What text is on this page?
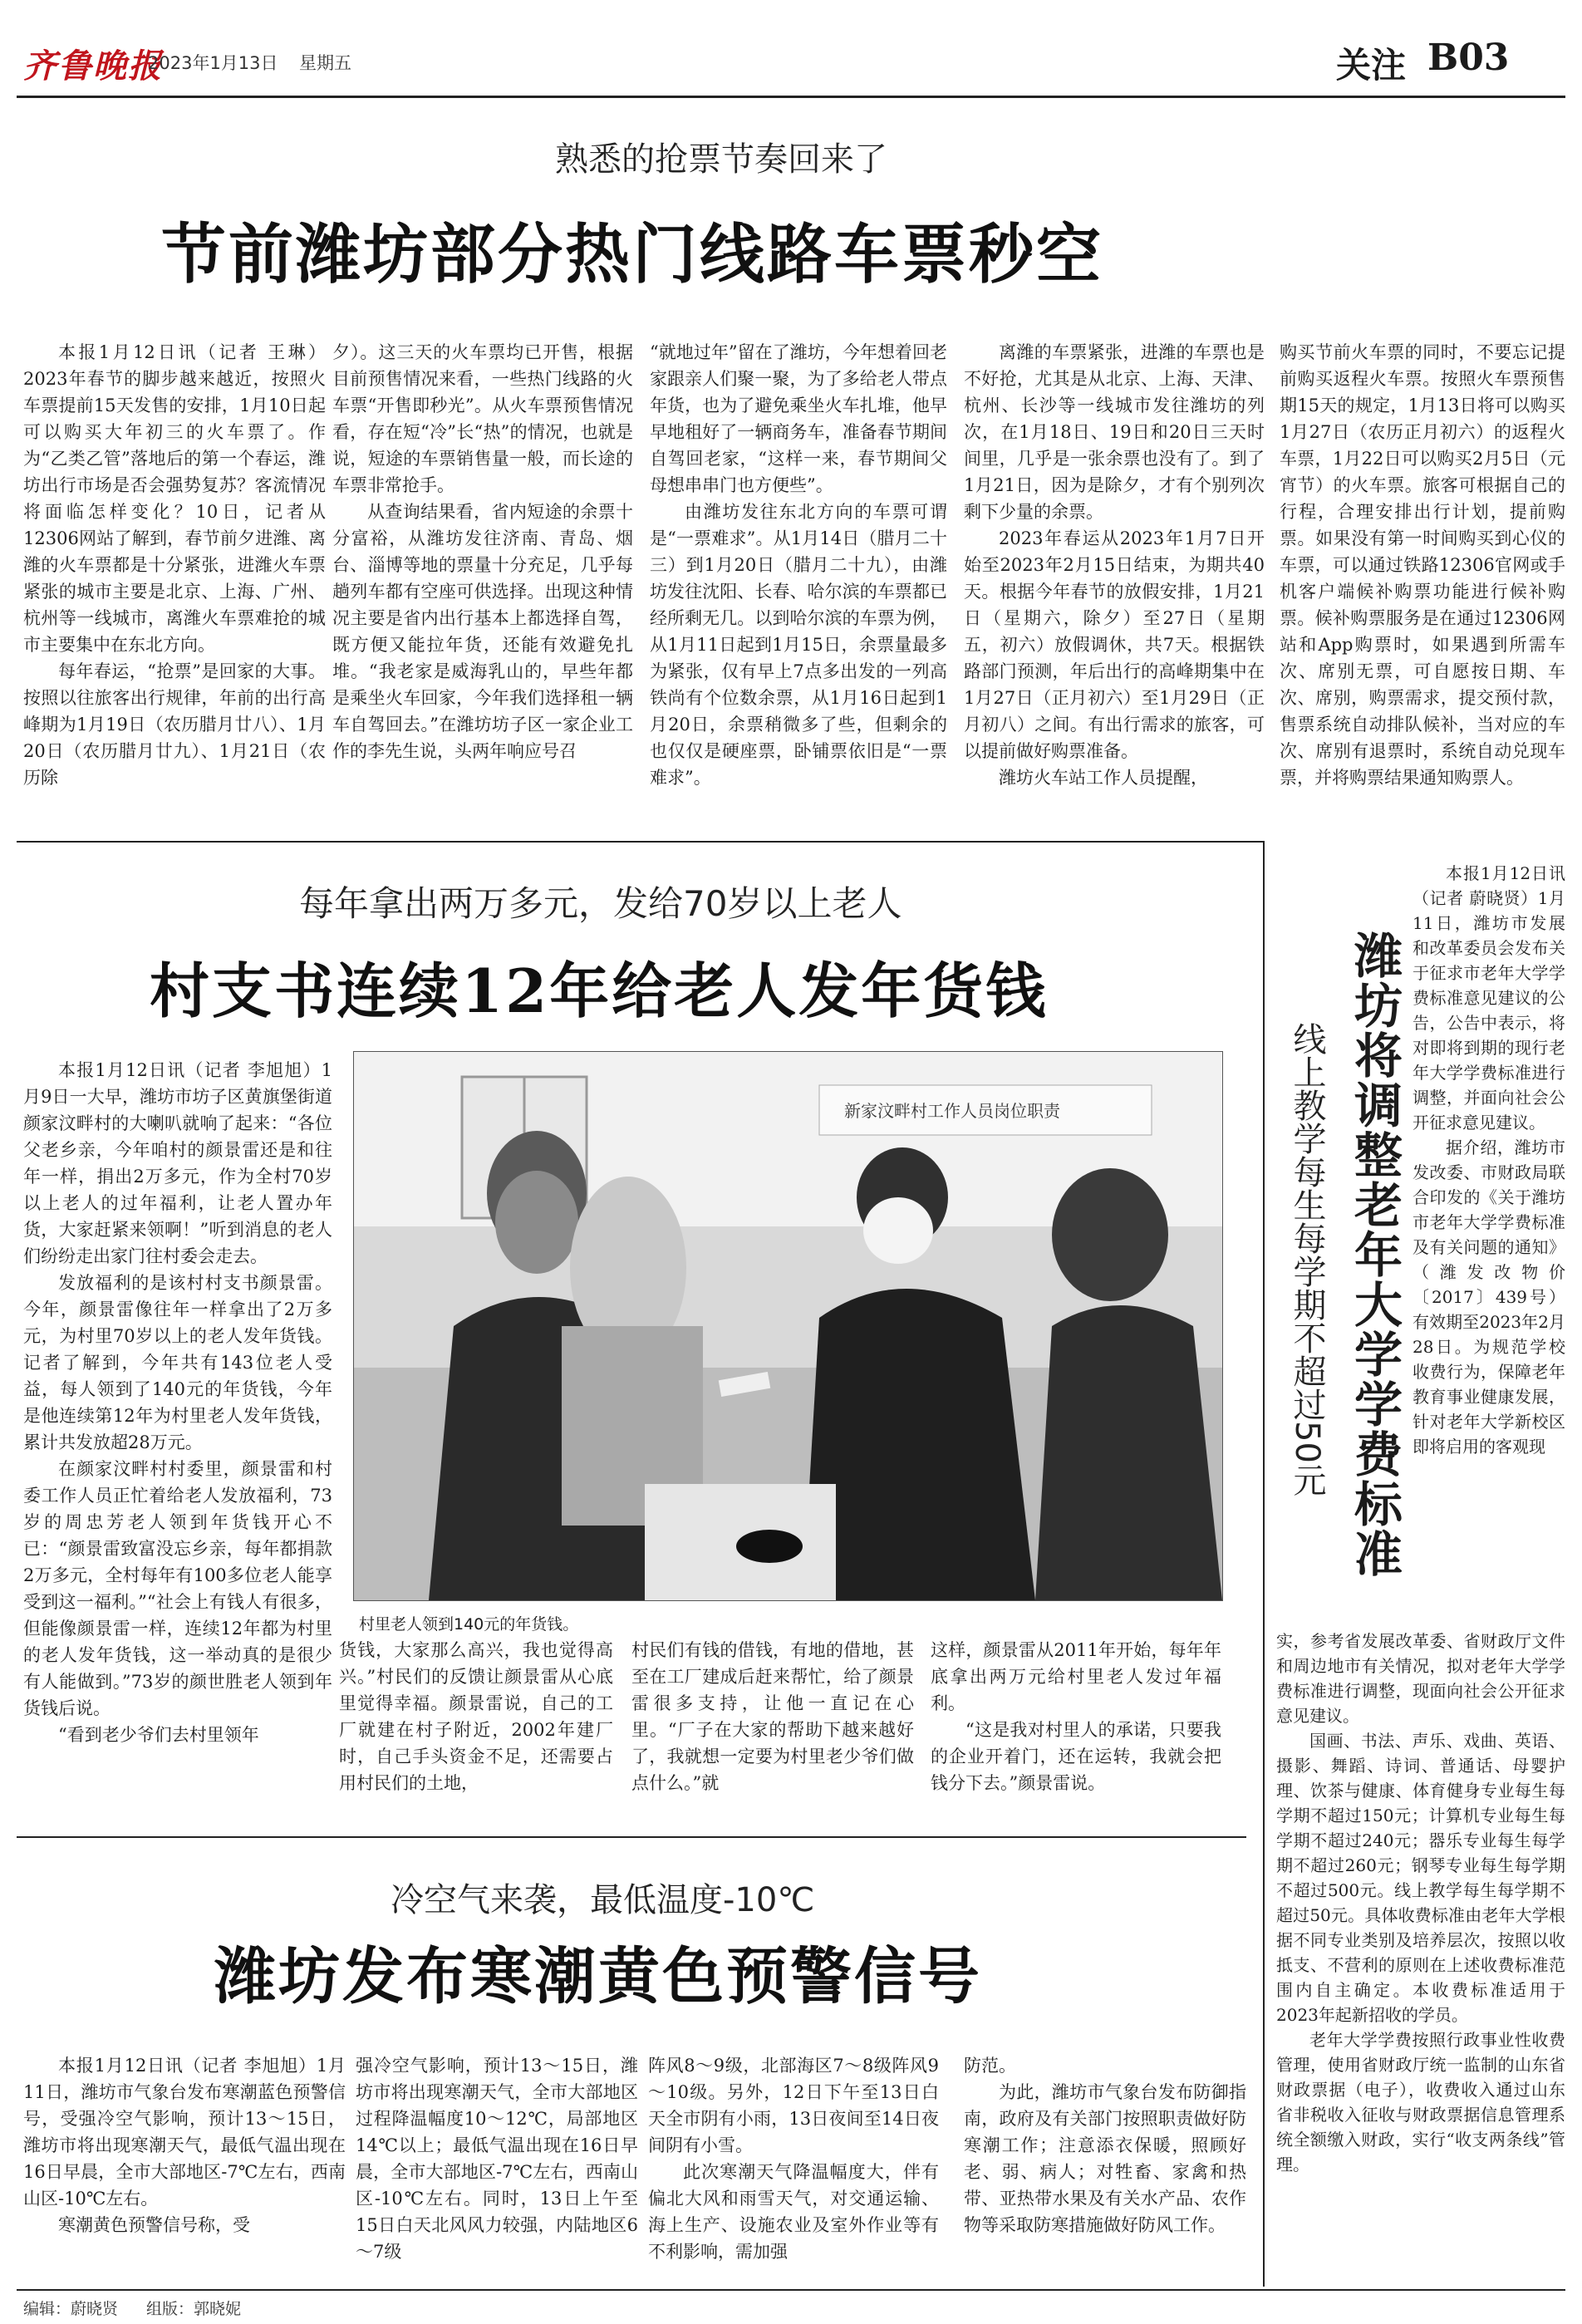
齐鲁晚报
2023年1月13日 星期五	关注 B03
熟悉的抢票节奏回来了
节前潍坊部分热门线路车票秒空

本报1月12日讯（记者 王琳）2023年春节的脚步越来越近，按照火车票提前15天发售的安排，1月10日起可以购买大年初三的火车票了。作为“乙类乙管”落地后的第一个春运，潍坊出行市场是否会强势复苏？客流情况将面临怎样变化？10日，记者从12306网站了解到，春节前夕进潍、离潍的火车票都是十分紧张，进潍火车票紧张的城市主要是北京、上海、广州、杭州等一线城市，离潍火车票难抢的城市主要集中在东北方向。

每年春运，“抢票”是回家的大事。按照以往旅客出行规律，年前的出行高峰期为1月19日（农历腊月廿八）、1月20日（农历腊月廿九）、1月21日（农历除

夕）。这三天的火车票均已开售，根据目前预售情况来看，一些热门线路的火车票“开售即秒光”。从火车票预售情况看，存在短“冷”长“热”的情况，也就是说，短途的车票销售量一般，而长途的车票非常抢手。

从查询结果看，省内短途的余票十分富裕，从潍坊发往济南、青岛、烟台、淄博等地的票量十分充足，几乎每趟列车都有空座可供选择。出现这种情况主要是省内出行基本上都选择自驾，既方便又能拉年货，还能有效避免扎堆。“我老家是威海乳山的，早些年都是乘坐火车回家，今年我们选择租一辆车自驾回去。”在潍坊坊子区一家企业工作的李先生说，头两年响应号召

“就地过年”留在了潍坊，今年想着回老家跟亲人们聚一聚，为了多给老人带点年货，也为了避免乘坐火车扎堆，他早早地租好了一辆商务车，准备春节期间自驾回老家，“这样一来，春节期间父母想串串门也方便些”。

由潍坊发往东北方向的车票可谓是“一票难求”。从1月14日（腊月二十三）到1月20日（腊月二十九），由潍坊发往沈阳、长春、哈尔滨的车票都已经所剩无几。以到哈尔滨的车票为例，从1月11日起到1月15日，余票量最多为紧张，仅有早上7点多出发的一列高铁尚有个位数余票，从1月16日起到1月20日，余票稍微多了些，但剩余的也仅仅是硬座票，卧铺票依旧是“一票难求”。

离潍的车票紧张，进潍的车票也是不好抢，尤其是从北京、上海、天津、杭州、长沙等一线城市发往潍坊的列次，在1月18日、19日和20日三天时间里，几乎是一张余票也没有了。到了1月21日，因为是除夕，才有个别列次剩下少量的余票。

2023年春运从2023年1月7日开始至2023年2月15日结束，为期共40天。根据今年春节的放假安排，1月21日（星期六，除夕）至27日（星期五，初六）放假调休，共7天。根据铁路部门预测，年后出行的高峰期集中在1月27日（正月初六）至1月29日（正月初八）之间。有出行需求的旅客，可以提前做好购票准备。

潍坊火车站工作人员提醒，

购买节前火车票的同时，不要忘记提前购买返程火车票。按照火车票预售期15天的规定，1月13日将可以购买1月27日（农历正月初六）的返程火车票，1月22日可以购买2月5日（元宵节）的火车票。旅客可根据自己的行程，合理安排出行计划，提前购票。如果没有第一时间购买到心仪的车票，可以通过铁路12306官网或手机客户端候补购票功能进行候补购票。候补购票服务是在通过12306网站和App购票时，如果遇到所需车次、席别无票，可自愿按日期、车次、席别，购票需求，提交预付款，售票系统自动排队候补，当对应的车次、席别有退票时，系统自动兑现车票，并将购票结果通知购票人。

每年拿出两万多元，发给70岁以上老人
村支书连续12年给老人发年货钱

本报1月12日讯（记者 李旭旭）1月9日一大早，潍坊市坊子区黄旗堡街道颜家汶畔村的大喇叭就响了起来：“各位父老乡亲，今年咱村的颜景雷还是和往年一样，捐出2万多元，作为全村70岁以上老人的过年福利，让老人置办年货，大家赶紧来领啊！”听到消息的老人们纷纷走出家门往村委会走去。

发放福利的是该村村支书颜景雷。今年，颜景雷像往年一样拿出了2万多元，为村里70岁以上的老人发年货钱。记者了解到，今年共有143位老人受益，每人领到了140元的年货钱，今年是他连续第12年为村里老人发年货钱，累计共发放超28万元。

在颜家汶畔村村委里，颜景雷和村委工作人员正忙着给老人发放福利，73岁的周忠芳老人领到年货钱开心不已：“颜景雷致富没忘乡亲，每年都捐款2万多元，全村每年有100多位老人能享受到这一福利。”“社会上有钱人有很多，但能像颜景雷一样，连续12年都为村里的老人发年货钱，这一举动真的是很少有人能做到。”73岁的颜世胜老人领到年货钱后说。

“看到老少爷们去村里领年

新家汶畔村工作人员岗位职责
村里老人领到140元的年货钱。

货钱，大家那么高兴，我也觉得高兴。”村民们的反馈让颜景雷从心底里觉得幸福。颜景雷说，自己的工厂就建在村子附近，2002年建厂时，自己手头资金不足，还需要占用村民们的土地，

村民们有钱的借钱，有地的借地，甚至在工厂建成后赶来帮忙，给了颜景雷很多支持，让他一直记在心里。“厂子在大家的帮助下越来越好了，我就想一定要为村里老少爷们做点什么。”就

这样，颜景雷从2011年开始，每年年底拿出两万元给村里老人发过年福利。

“这是我对村里人的承诺，只要我的企业开着门，还在运转，我就会把钱分下去。”颜景雷说。

冷空气来袭，最低温度-10℃
潍坊发布寒潮黄色预警信号

本报1月12日讯（记者 李旭旭）1月11日，潍坊市气象台发布寒潮蓝色预警信号，受强冷空气影响，预计13～15日，潍坊市将出现寒潮天气，最低气温出现在16日早晨，全市大部地区-7℃左右，西南山区-10℃左右。

寒潮黄色预警信号称，受

强冷空气影响，预计13～15日，潍坊市将出现寒潮天气，全市大部地区过程降温幅度10～12℃，局部地区14℃以上；最低气温出现在16日早晨，全市大部地区-7℃左右，西南山区-10℃左右。同时，13日上午至15日白天北风风力较强，内陆地区6～7级

阵风8～9级，北部海区7～8级阵风9～10级。另外，12日下午至13日白天全市阴有小雨，13日夜间至14日夜间阴有小雪。

此次寒潮天气降温幅度大，伴有偏北大风和雨雪天气，对交通运输、海上生产、设施农业及室外作业等有不利影响，需加强

防范。

为此，潍坊市气象台发布防御指南，政府及有关部门按照职责做好防寒潮工作；注意添衣保暖，照顾好老、弱、病人；对牲畜、家禽和热带、亚热带水果及有关水产品、农作物等采取防寒措施做好防风工作。

潍坊将调整老年大学学费标准
线上教学每生每学期不超过50元

本报1月12日讯（记者 蔚晓贤）1月11日，潍坊市发展和改革委员会发布关于征求市老年大学学费标准意见建议的公告，公告中表示，将对即将到期的现行老年大学学费标准进行调整，并面向社会公开征求意见建议。

据介绍，潍坊市发改委、市财政局联合印发的《关于潍坊市老年大学学费标准及有关问题的通知》（潍发改物价〔2017〕439号）有效期至2023年2月28日。为规范学校收费行为，保障老年教育事业健康发展，针对老年大学新校区即将启用的客观现

实，参考省发展改革委、省财政厅文件和周边地市有关情况，拟对老年大学学费标准进行调整，现面向社会公开征求意见建议。

国画、书法、声乐、戏曲、英语、摄影、舞蹈、诗词、普通话、母婴护理、饮茶与健康、体育健身专业每生每学期不超过150元；计算机专业每生每学期不超过240元；器乐专业每生每学期不超过260元；钢琴专业每生每学期不超过500元。线上教学每生每学期不超过50元。具体收费标准由老年大学根据不同专业类别及培养层次，按照以收抵支、不营利的原则在上述收费标准范围内自主确定。本收费标准适用于2023年起新招收的学员。

老年大学学费按照行政事业性收费管理，使用省财政厅统一监制的山东省财政票据（电子），收费收入通过山东省非税收入征收与财政票据信息管理系统全额缴入财政，实行“收支两条线”管理。

编辑：蔚晓贤 组版：郭晓妮
